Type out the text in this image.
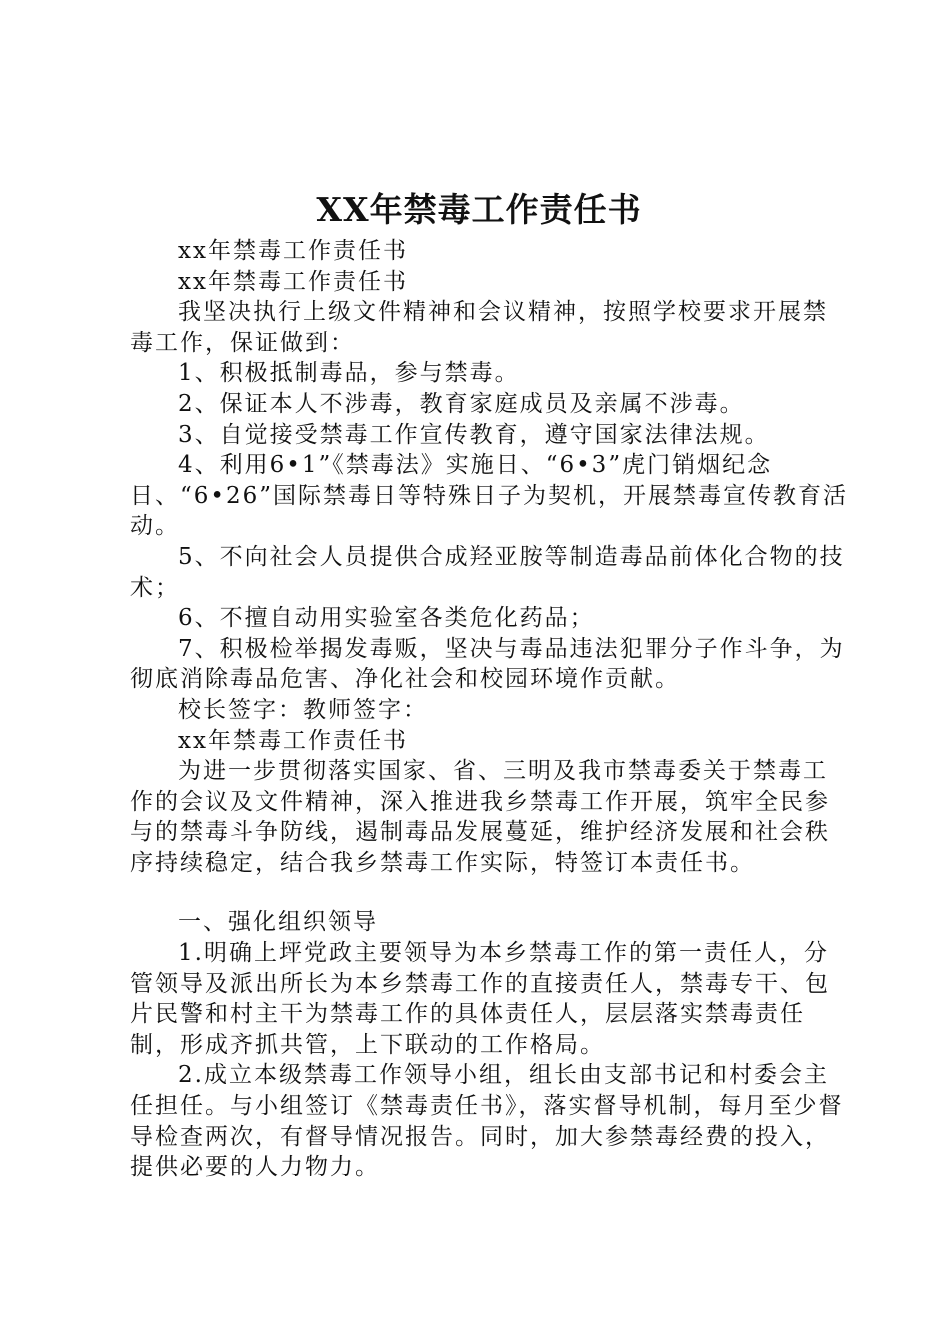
XX年禁毒工作责任书

xx年禁毒工作责任书

xx年禁毒工作责任书

我坚决执行上级文件精神和会议精神，按照学校要求开展禁毒工作，保证做到：

1、积极抵制毒品，参与禁毒。

2、保证本人不涉毒，教育家庭成员及亲属不涉毒。

3、自觉接受禁毒工作宣传教育，遵守国家法律法规。

4、利用6•1”《禁毒法》实施日、“6•3”虎门销烟纪念日、“6•26”国际禁毒日等特殊日子为契机，开展禁毒宣传教育活动。

5、不向社会人员提供合成羟亚胺等制造毒品前体化合物的技术；

6、不擅自动用实验室各类危化药品；

7、积极检举揭发毒贩，坚决与毒品违法犯罪分子作斗争，为彻底消除毒品危害、净化社会和校园环境作贡献。

校长签字：教师签字：

xx年禁毒工作责任书

为进一步贯彻落实国家、省、三明及我市禁毒委关于禁毒工作的会议及文件精神，深入推进我乡禁毒工作开展，筑牢全民参与的禁毒斗争防线，遏制毒品发展蔓延，维护经济发展和社会秩序持续稳定，结合我乡禁毒工作实际，特签订本责任书。

一、强化组织领导

1.明确上坪党政主要领导为本乡禁毒工作的第一责任人，分管领导及派出所长为本乡禁毒工作的直接责任人，禁毒专干、包片民警和村主干为禁毒工作的具体责任人，层层落实禁毒责任制，形成齐抓共管，上下联动的工作格局。

2.成立本级禁毒工作领导小组，组长由支部书记和村委会主任担任。与小组签订《禁毒责任书》，落实督导机制，每月至少督导检查两次，有督导情况报告。同时，加大参禁毒经费的投入，提供必要的人力物力。
